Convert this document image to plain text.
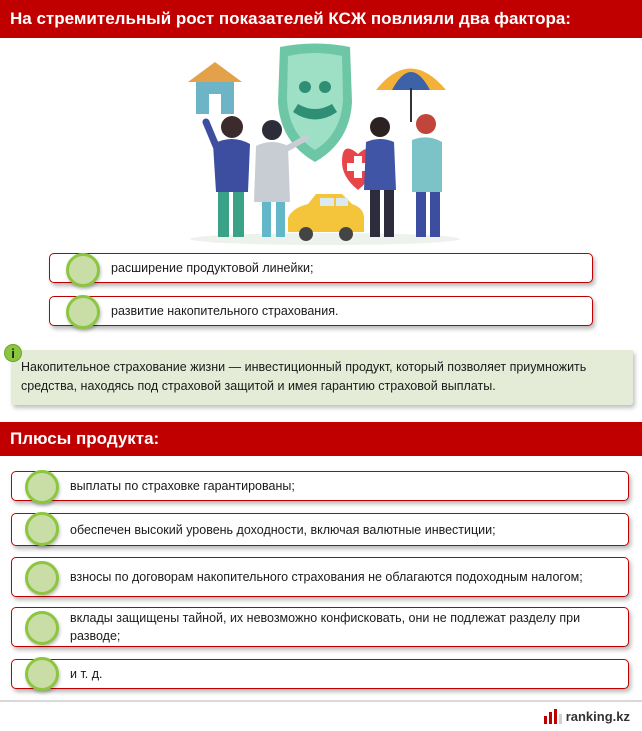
На стремительный рост показателей КСЖ повлияли два фактора:
расширение продуктовой линейки;
развитие накопительного страхования.
Накопительное страхование жизни — инвестиционный продукт, который позволяет приумножить средства, находясь под страховой защитой и имея гарантию страховой выплаты.
i
Плюсы продукта:
выплаты по страховке гарантированы;
обеспечен высокий уровень доходности, включая валютные инвестиции;
взносы по договорам накопительного страхования не облагаются подоходным налогом;
вклады защищены тайной, их невозможно конфисковать, они не подлежат разделу при разводе;
и т. д.
ranking.kz
